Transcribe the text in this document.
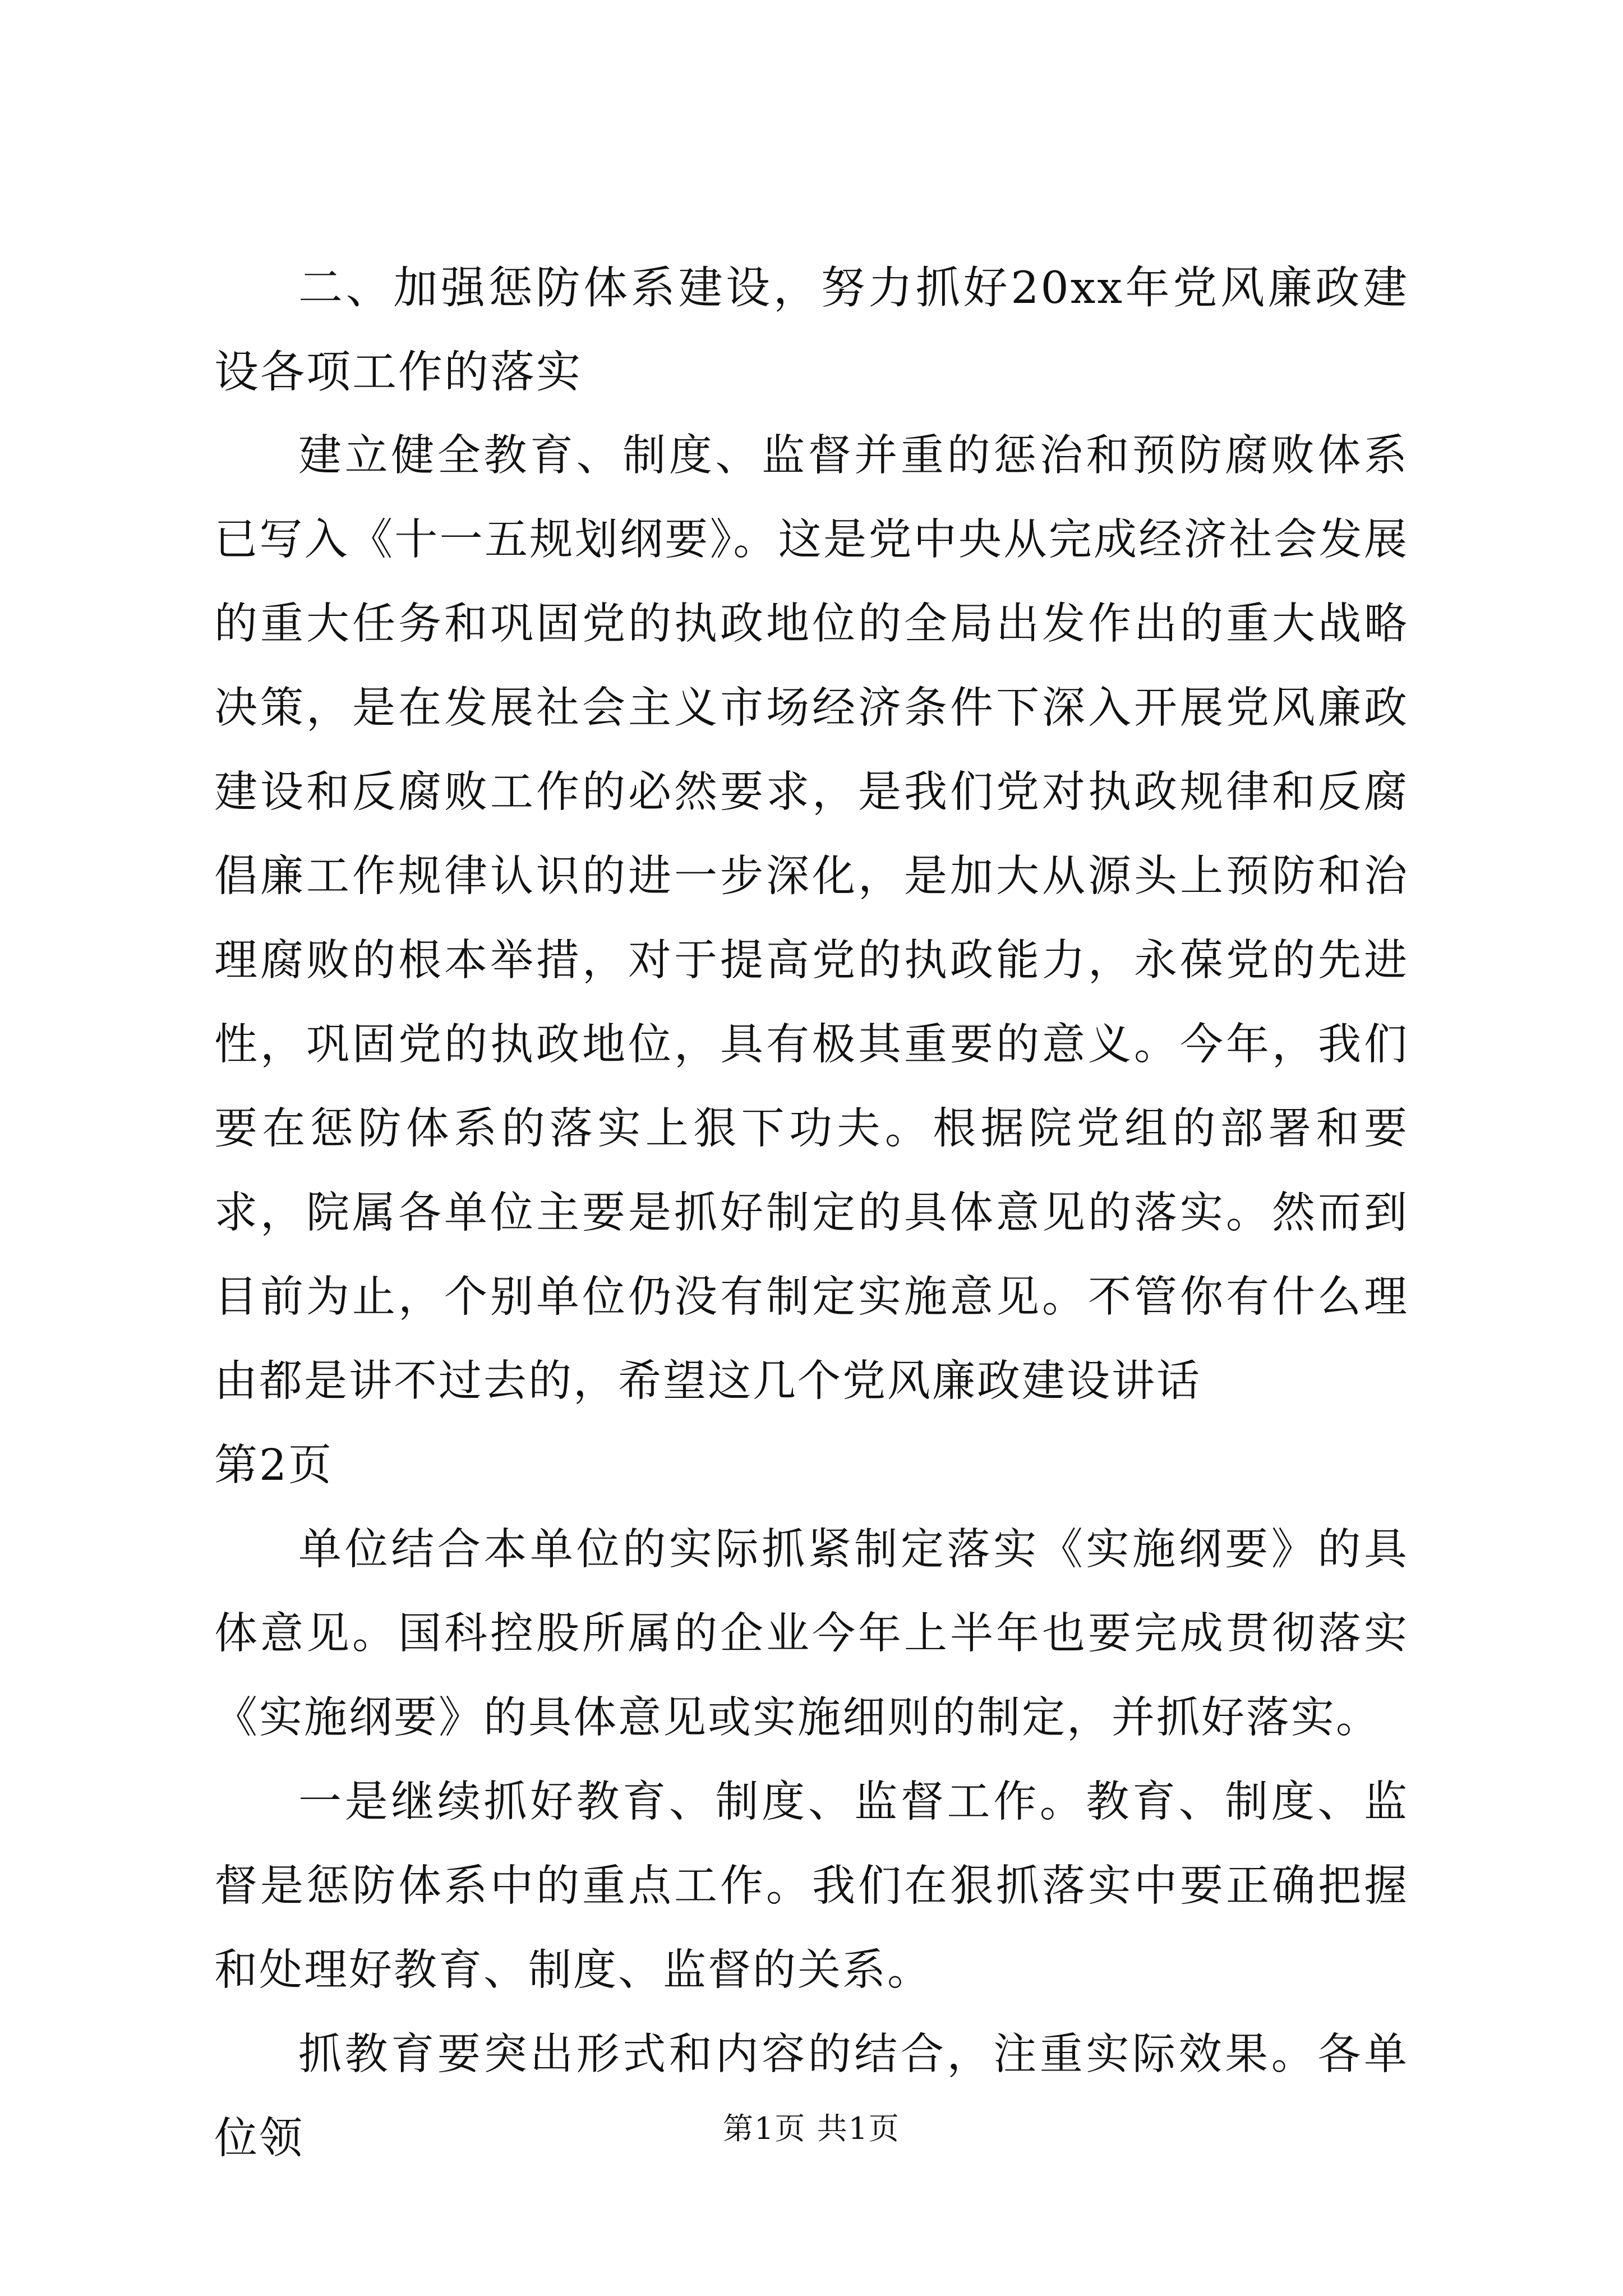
二、加强惩防体系建设，努力抓好20xx年党风廉政建设各项工作的落实

建立健全教育、制度、监督并重的惩治和预防腐败体系已写入《十一五规划纲要》。这是党中央从完成经济社会发展的重大任务和巩固党的执政地位的全局出发作出的重大战略决策，是在发展社会主义市场经济条件下深入开展党风廉政建设和反腐败工作的必然要求，是我们党对执政规律和反腐倡廉工作规律认识的进一步深化，是加大从源头上预防和治理腐败的根本举措，对于提高党的执政能力，永葆党的先进性，巩固党的执政地位，具有极其重要的意义。今年，我们要在惩防体系的落实上狠下功夫。根据院党组的部署和要求，院属各单位主要是抓好制定的具体意见的落实。然而到目前为止，个别单位仍没有制定实施意见。不管你有什么理由都是讲不过去的，希望这几个党风廉政建设讲话

第2页

单位结合本单位的实际抓紧制定落实《实施纲要》的具体意见。国科控股所属的企业今年上半年也要完成贯彻落实《实施纲要》的具体意见或实施细则的制定，并抓好落实。

一是继续抓好教育、制度、监督工作。教育、制度、监督是惩防体系中的重点工作。我们在狠抓落实中要正确把握和处理好教育、制度、监督的关系。

抓教育要突出形式和内容的结合，注重实际效果。各单位领	第1页 共1页
